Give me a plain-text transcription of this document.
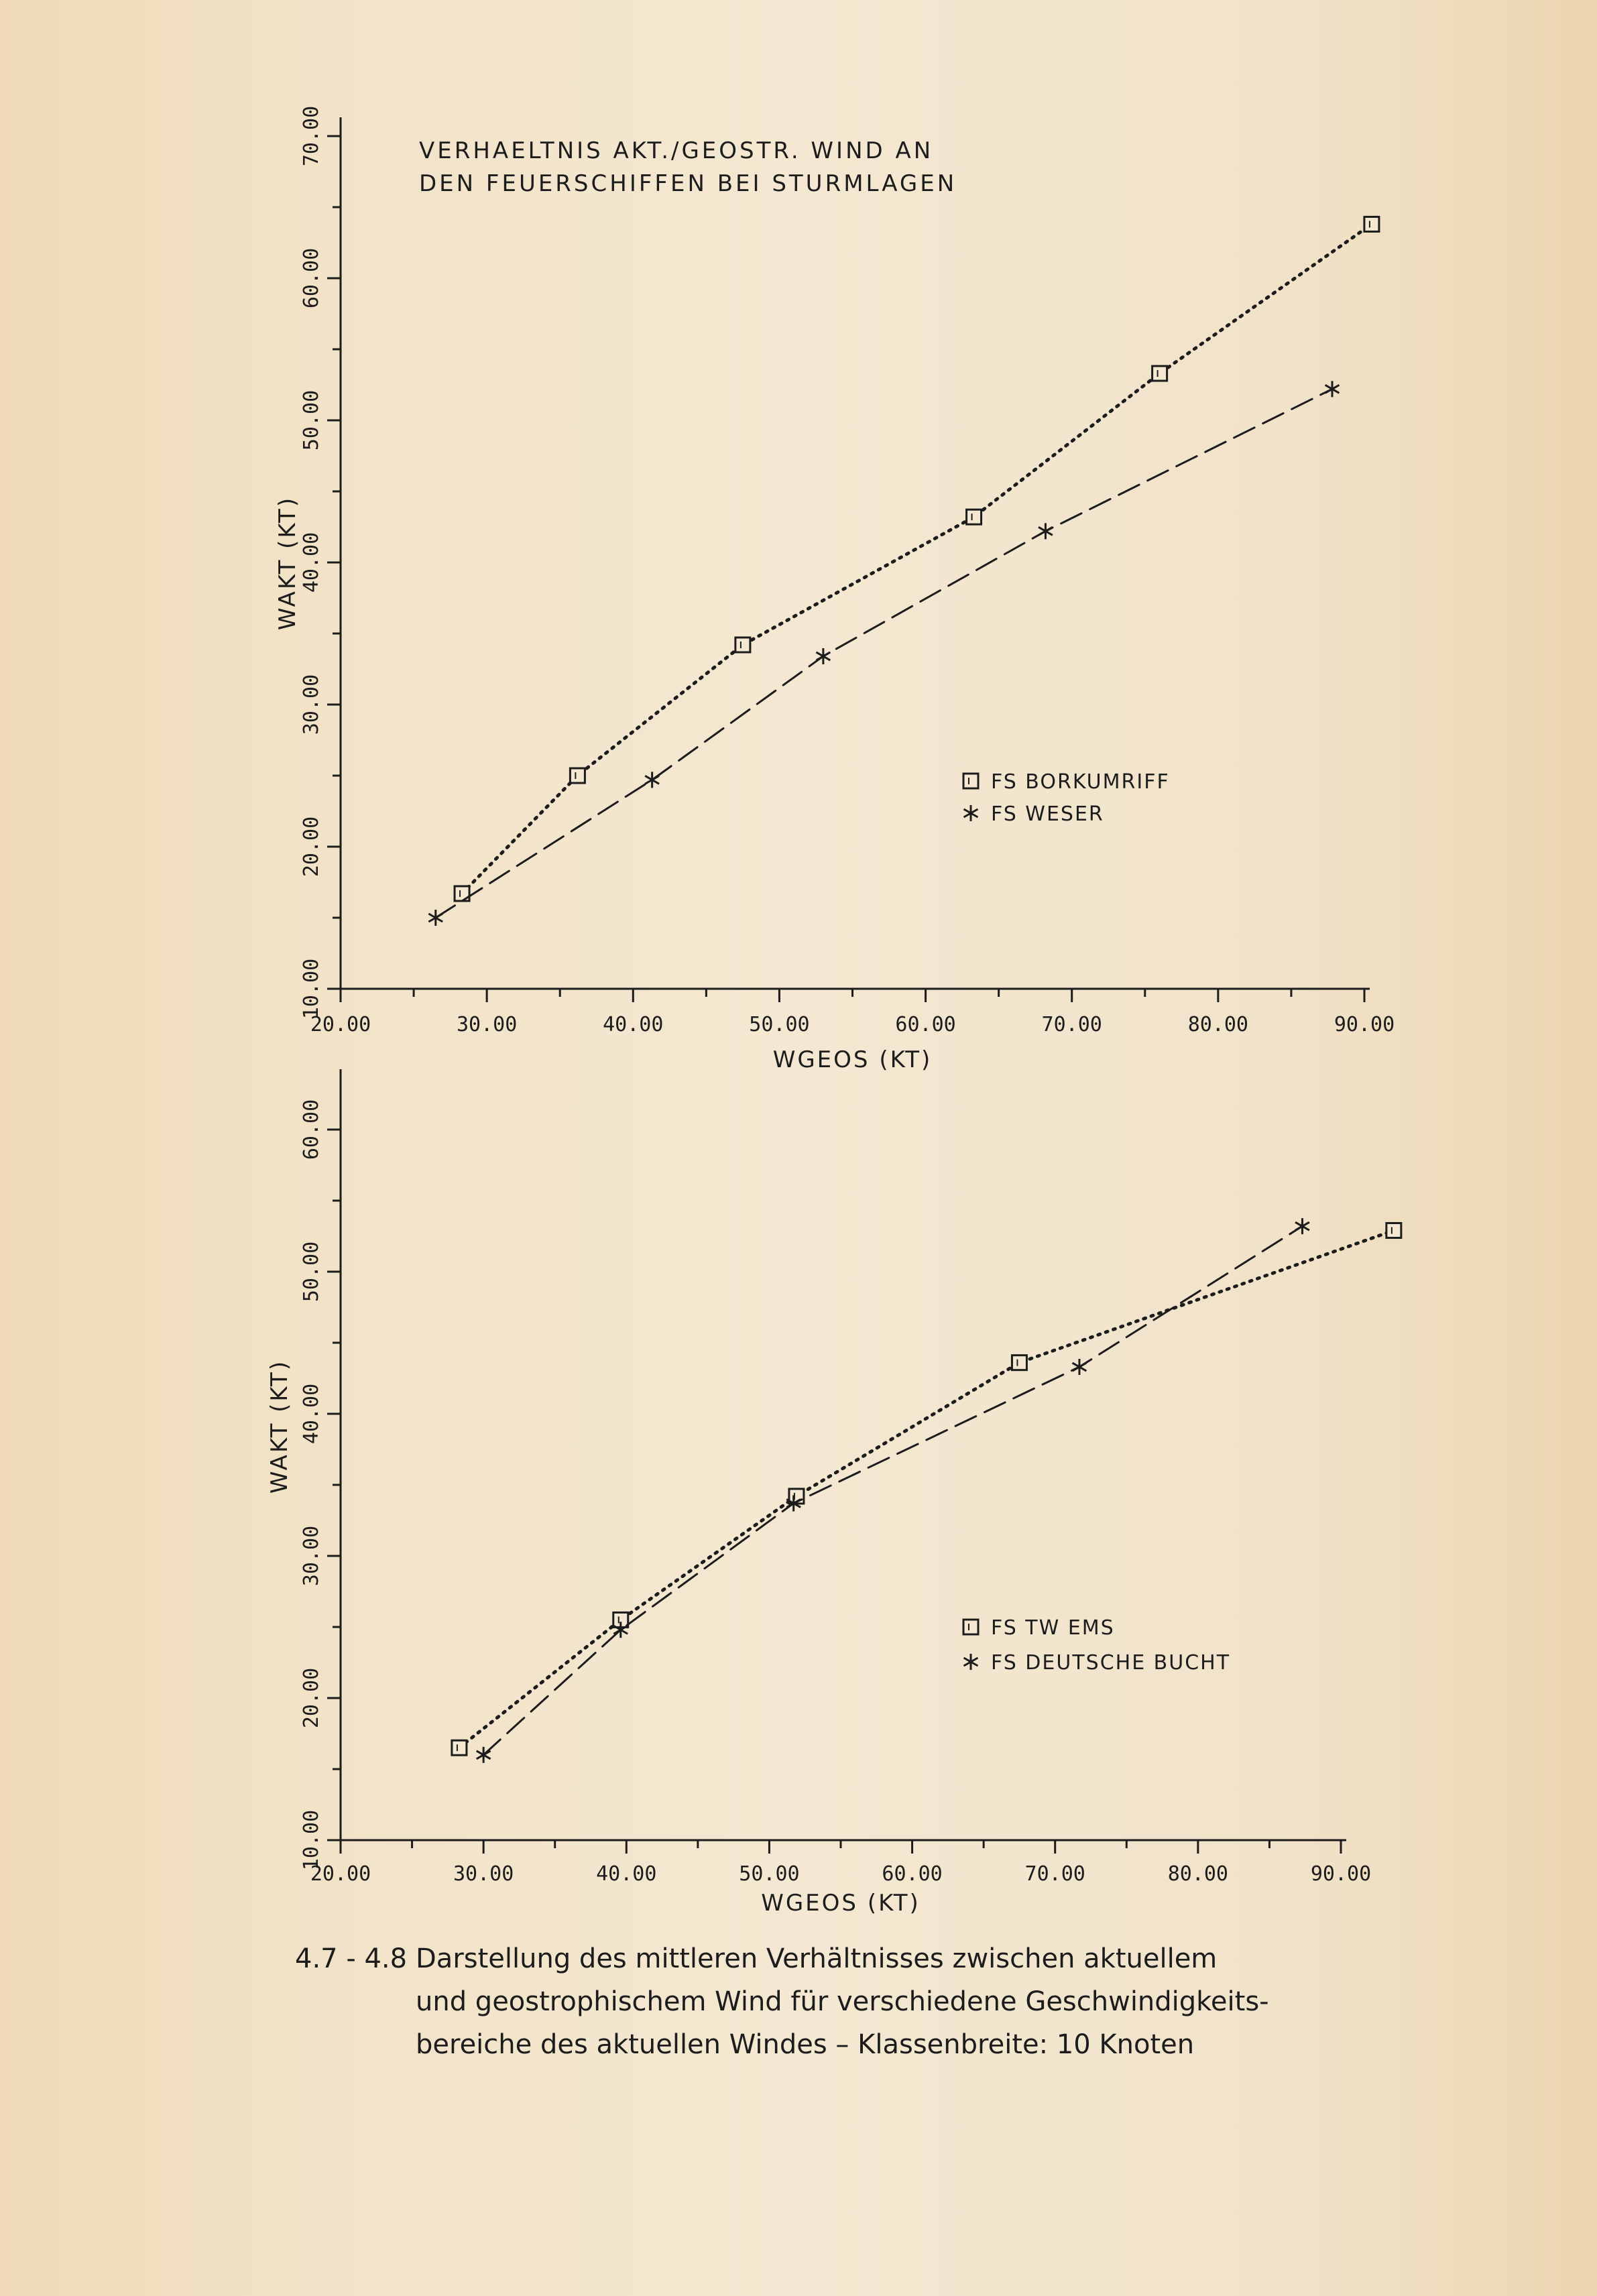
20.00	30.00	40.00	50.00	60.00	70.00	80.00	90.00
10.00
20.00
30.00
40.00
50.00
60.00
70.00
WGEOS (KT)
WAKT (KT)
VERHAELTNIS AKT./GEOSTR. WIND AN
DEN FEUERSCHIFFEN BEI STURMLAGEN
FS BORKUMRIFF
FS WESER
20.00	30.00	40.00	50.00	60.00	70.00	80.00	90.00
10.00
20.00
30.00
40.00
50.00
60.00
WGEOS (KT)
WAKT (KT)
FS TW EMS
FS DEUTSCHE BUCHT
4.7 - 4.8 Darstellung des mittleren Verhältnisses zwischen aktuellem
und geostrophischem Wind für verschiedene Geschwindigkeits-
bereiche des aktuellen Windes – Klassenbreite: 10 Knoten
